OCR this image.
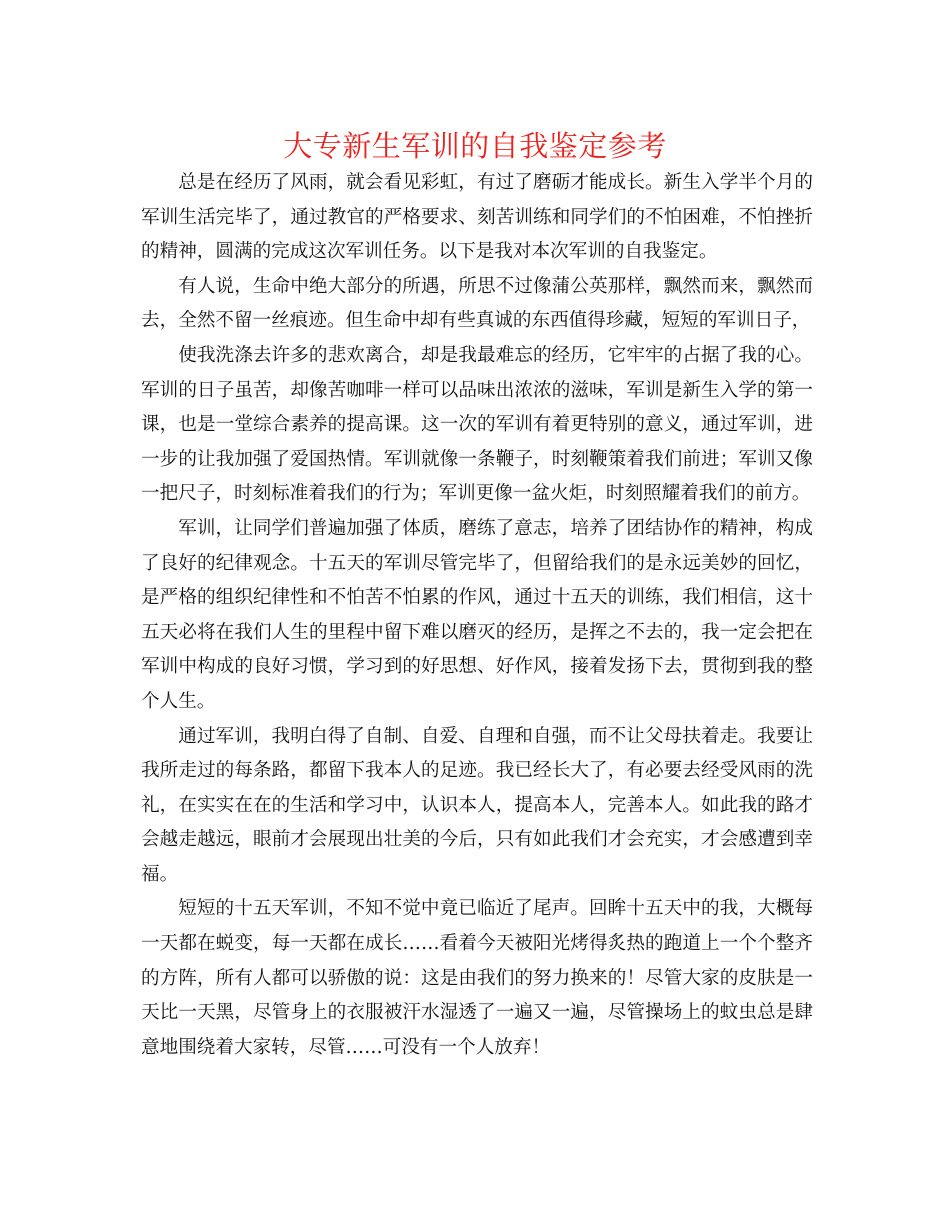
大专新生军训的自我鉴定参考

总是在经历了风雨，就会看见彩虹，有过了磨砺才能成长。新生入学半个月的军训生活完毕了，通过教官的严格要求、刻苦训练和同学们的不怕困难，不怕挫折的精神，圆满的完成这次军训任务。以下是我对本次军训的自我鉴定。

有人说，生命中绝大部分的所遇，所思不过像蒲公英那样，飘然而来，飘然而去，全然不留一丝痕迹。但生命中却有些真诚的东西值得珍藏，短短的军训日子，

使我洗涤去许多的悲欢离合，却是我最难忘的经历，它牢牢的占据了我的心。军训的日子虽苦，却像苦咖啡一样可以品味出浓浓的滋味，军训是新生入学的第一课，也是一堂综合素养的提高课。这一次的军训有着更特别的意义，通过军训，进一步的让我加强了爱国热情。军训就像一条鞭子，时刻鞭策着我们前进；军训又像一把尺子，时刻标准着我们的行为；军训更像一盆火炬，时刻照耀着我们的前方。

军训，让同学们普遍加强了体质，磨练了意志，培养了团结协作的精神，构成了良好的纪律观念。十五天的军训尽管完毕了，但留给我们的是永远美妙的回忆，是严格的组织纪律性和不怕苦不怕累的作风，通过十五天的训练，我们相信，这十五天必将在我们人生的里程中留下难以磨灭的经历，是挥之不去的，我一定会把在军训中构成的良好习惯，学习到的好思想、好作风，接着发扬下去，贯彻到我的整个人生。

通过军训，我明白得了自制、自爱、自理和自强，而不让父母扶着走。我要让我所走过的每条路，都留下我本人的足迹。我已经长大了，有必要去经受风雨的洗礼，在实实在在的生活和学习中，认识本人，提高本人，完善本人。如此我的路才会越走越远，眼前才会展现出壮美的今后，只有如此我们才会充实，才会感遭到幸福。

短短的十五天军训，不知不觉中竟已临近了尾声。回眸十五天中的我，大概每一天都在蜕变，每一天都在成长……看着今天被阳光烤得炙热的跑道上一个个整齐的方阵，所有人都可以骄傲的说：这是由我们的努力换来的！尽管大家的皮肤是一天比一天黑，尽管身上的衣服被汗水湿透了一遍又一遍，尽管操场上的蚊虫总是肆意地围绕着大家转，尽管……可没有一个人放弃！
